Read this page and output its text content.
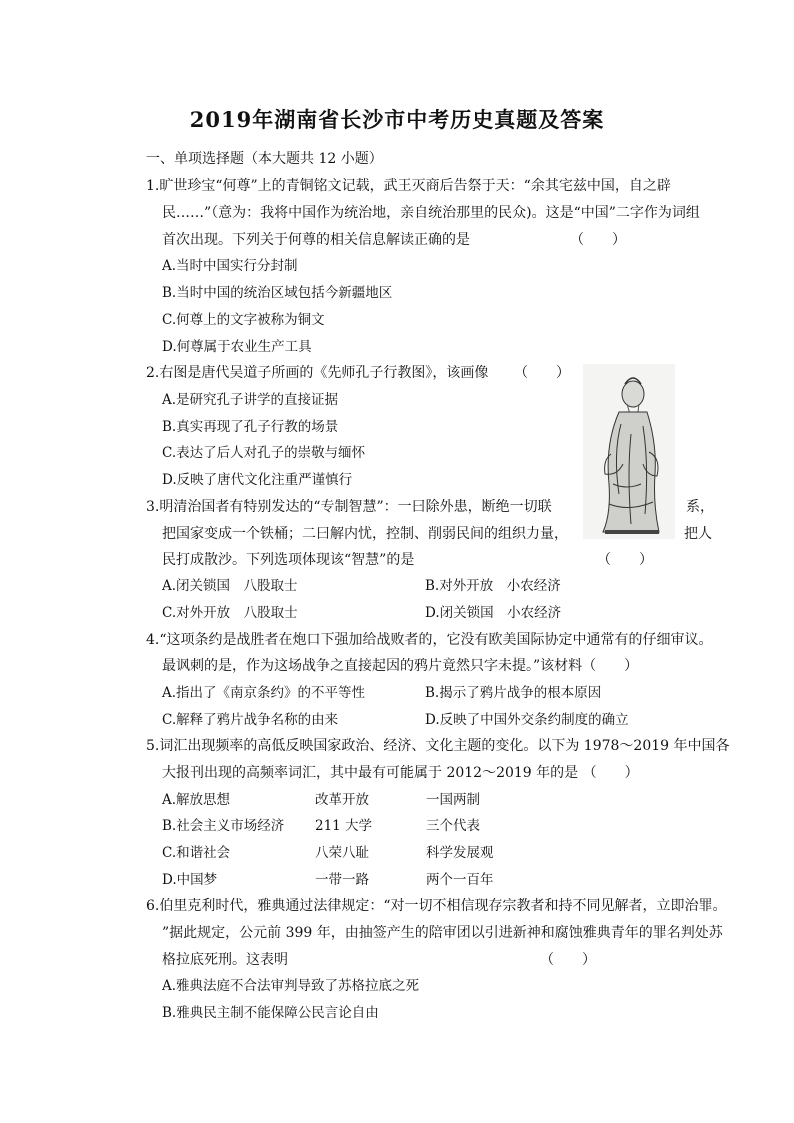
2019年湖南省长沙市中考历史真题及答案
一、单项选择题（本大题共 12 小题）
1.旷世珍宝“何尊”上的青铜铭文记载，武王灭商后告祭于天：“余其宅兹中国，自之辟
民……”（意为：我将中国作为统治地，亲自统治那里的民众)。这是“中国”二字作为词组
首次出现。下列关于何尊的相关信息解读正确的是	（　　）
A.当时中国实行分封制
B.当时中国的统治区域包括今新疆地区
C.何尊上的文字被称为铜文
D.何尊属于农业生产工具
2.右图是唐代吴道子所画的《先师孔子行教图》，该画像 （　　）
A.是研究孔子讲学的直接证据
B.真实再现了孔子行教的场景
C.表达了后人对孔子的崇敬与缅怀
D.反映了唐代文化注重严谨慎行
3.明清治国者有特别发达的“专制智慧”：一曰除外患，断绝一切联	系，
把国家变成一个铁桶；二曰解内忧，控制、削弱民间的组织力量，	把人
民打成散沙。下列选项体现该“智慧”的是	（　　）
A.闭关锁国　八股取士	B.对外开放　小农经济
C.对外开放　八股取士	D.闭关锁国　小农经济
4.“这项条约是战胜者在炮口下强加给战败者的，它没有欧美国际协定中通常有的仔细审议。
最讽刺的是，作为这场战争之直接起因的鸦片竟然只字未提。”该材料（　　）
A.指出了《南京条约》的不平等性	B.揭示了鸦片战争的根本原因
C.解释了鸦片战争名称的由来	D.反映了中国外交条约制度的确立
5.词汇出现频率的高低反映国家政治、经济、文化主题的变化。以下为 1978～2019 年中国各
大报刊出现的高频率词汇，其中最有可能属于 2012～2019 年的是 （　　）
A.解放思想	改革开放	一国两制
B.社会主义市场经济 211 大学	三个代表
C.和谐社会	八荣八耻	科学发展观
D.中国梦	一带一路	两个一百年
6.伯里克利时代，雅典通过法律规定：“对一切不相信现存宗教者和持不同见解者，立即治罪。
”据此规定，公元前 399 年，由抽签产生的陪审团以引进新神和腐蚀雅典青年的罪名判处苏
格拉底死刑。这表明	（　　）
A.雅典法庭不合法审判导致了苏格拉底之死
B.雅典民主制不能保障公民言论自由
